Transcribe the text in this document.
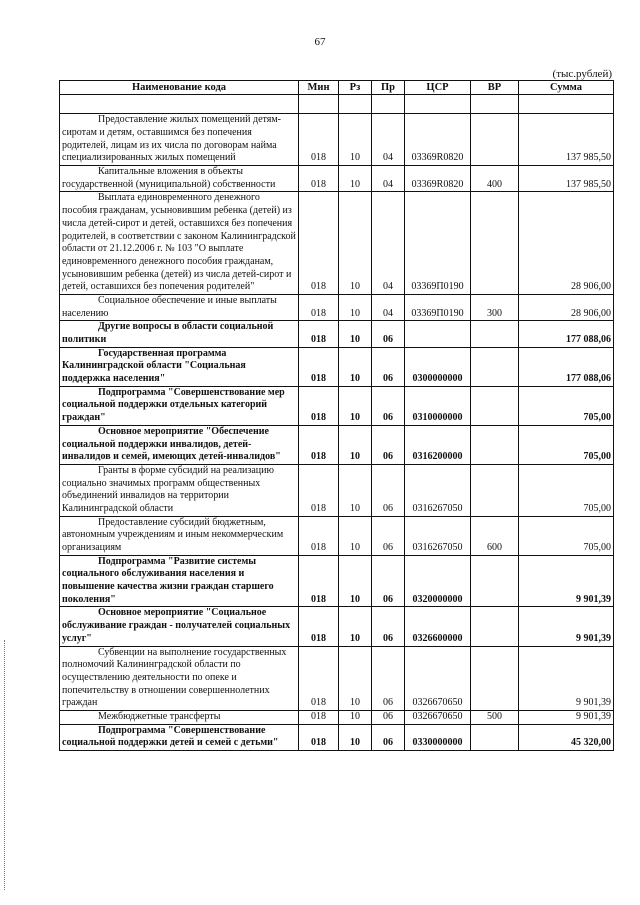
67
(тыс.рублей)
Наименование кода	Мин	Рз	Пр	ЦСР	ВР	Сумма

Предоставление жилых помещений детям-сиротам и детям, оставшимся без попечения родителей, лицам из их числа по договорам найма специализированных жилых помещений	018	10	04	03369R0820		137 985,50
Капитальные вложения в объекты государственной (муниципальной) собственности	018	10	04	03369R0820	400	137 985,50
Выплата единовременного денежного пособия гражданам, усыновившим ребенка (детей) из числа детей-сирот и детей, оставшихся без попечения родителей, в соответствии с законом Калининградской области от 21.12.2006 г. № 103 "О выплате единовременного денежного пособия гражданам, усыновившим ребенка (детей) из числа детей-сирот и детей, оставшихся без попечения родителей"	018	10	04	03369П0190		28 906,00
Социальное обеспечение и иные выплаты населению	018	10	04	03369П0190	300	28 906,00
Другие вопросы в области социальной политики	018	10	06			177 088,06
Государственная программа Калининградской области "Социальная поддержка населения"	018	10	06	0300000000		177 088,06
Подпрограмма "Совершенствование мер социальной поддержки отдельных категорий граждан"	018	10	06	0310000000		705,00
Основное мероприятие "Обеспечение социальной поддержки инвалидов, детей-инвалидов и семей, имеющих детей-инвалидов"	018	10	06	0316200000		705,00
Гранты в форме субсидий на реализацию социально значимых программ общественных объединений инвалидов на территории Калининградской области	018	10	06	0316267050		705,00
Предоставление субсидий бюджетным, автономным учреждениям и иным некоммерческим организациям	018	10	06	0316267050	600	705,00
Подпрограмма "Развитие системы социального обслуживания населения и повышение качества жизни граждан старшего поколения"	018	10	06	0320000000		9 901,39
Основное мероприятие "Социальное обслуживание граждан - получателей социальных услуг"	018	10	06	0326600000		9 901,39
Субвенции на выполнение государственных полномочий Калининградской области по осуществлению деятельности по опеке и попечительству в отношении совершеннолетних граждан	018	10	06	0326670650		9 901,39
Межбюджетные трансферты	018	10	06	0326670650	500	9 901,39
Подпрограмма "Совершенствование социальной поддержки детей и семей с детьми"	018	10	06	0330000000		45 320,00
